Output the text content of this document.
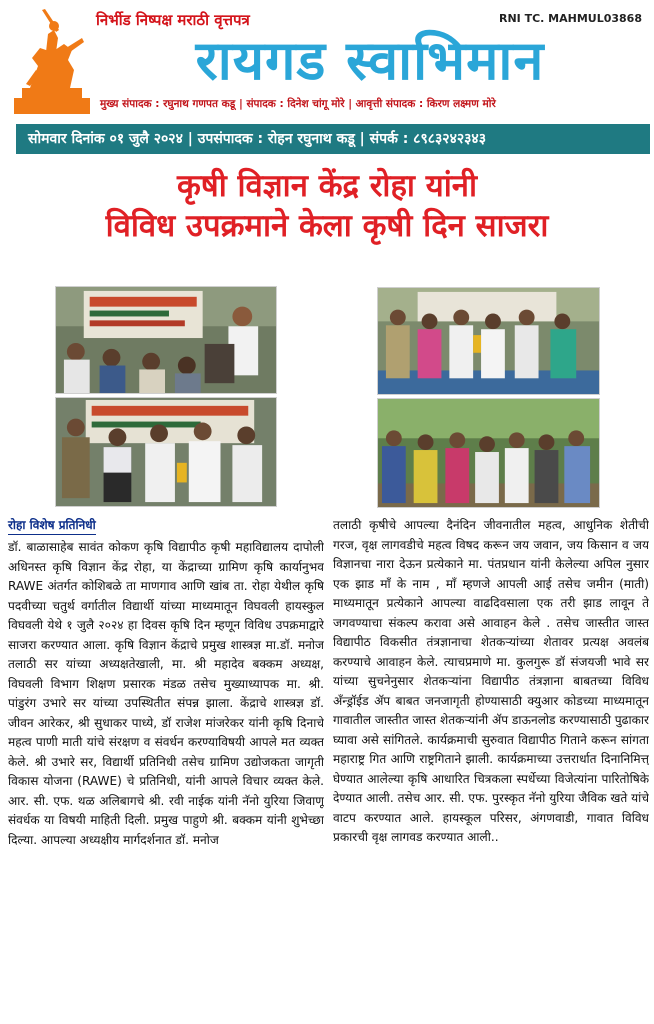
निर्भीड निष्पक्ष मराठी वृत्तपत्र	RNI TC. MAHMUL03868
रायगड स्वाभिमान
मुख्य संपादक : रघुनाथ गणपत कडू | संपादक : दिनेश चांगू मोरे | आवृत्ती संपादक : किरण लक्ष्मण मोरे
सोमवार दिनांक ०१ जुलै २०२४ | उपसंपादक : रोहन रघुनाथ कडू | संपर्क : ८९८३२४२३४३
कृषी विज्ञान केंद्र रोहा यांनी
विविध उपक्रमाने केला कृषी दिन साजरा
रोहा विशेष प्रतिनिधी
डॉ. बाळासाहेब सावंत कोकण कृषि विद्यापीठ कृषी महाविद्यालय दापोली अधिनस्त कृषि विज्ञान केंद्र रोहा, या केंद्राच्या ग्रामिण कृषि कार्यानुभव RAWE अंतर्गत कोशिबळे ता माणगाव आणि खांब ता. रोहा येथील कृषि पदवीच्या चतुर्थ वर्गातील विद्यार्थी यांच्या माध्यमातून विघवली हायस्कुल विघवली येथे १ जुलै २०२४ हा दिवस कृषि दिन म्हणून विविध उपक्रमाद्वारे साजरा करण्यात आला. कृषि विज्ञान केंद्राचे प्रमुख शास्त्रज्ञ मा.डॉ. मनोज तलाठी सर यांच्या अध्यक्षतेखाली, मा. श्री महादेव बक्कम अध्यक्ष, विघवली विभाग शिक्षण प्रसारक मंडळ तसेच मुख्याध्यापक मा. श्री. पांडुरंग उभारे सर यांच्या उपस्थितीत संपन्न झाला. केंद्राचे शास्त्रज्ञ डॉ. जीवन आरेकर, श्री सुधाकर पाध्ये, डॉ राजेश मांजरेकर यांनी कृषि दिनाचे महत्व पाणी माती यांचे संरक्षण व संवर्धन करण्याविषयी आपले मत व्यक्त केले. श्री उभारे सर, विद्यार्थी प्रतिनिधी तसेच ग्रामिण उद्योजकता जागृती विकास योजना (RAWE) चे प्रतिनिधी, यांनी आपले विचार व्यक्त केले. आर. सी. एफ. थळ अलिबागचे श्री. रवी नाईक यांनी नॅनो युरिया जिवाणू संवर्धक या विषयी माहिती दिली. प्रमुख पाहुणे श्री. बक्कम यांनी शुभेच्छा दिल्या. आपल्या अध्यक्षीय मार्गदर्शनात डॉ. मनोज
तलाठी कृषीचे आपल्या दैनंदिन जीवनातील महत्व, आधुनिक शेतीची गरज, वृक्ष लागवडीचे महत्व विषद करून जय जवान, जय किसान व जय विज्ञानचा नारा देऊन प्रत्येकाने मा. पंतप्रधान यांनी केलेल्या अपिल नुसार एक झाड माँ के नाम , माँ म्हणजे आपली आई तसेच जमीन (माती) माध्यमातून प्रत्येकाने आपल्या वाढदिवसाला एक तरी झाड लावून ते जगवण्याचा संकल्प करावा असे आवाहन केले . तसेच जास्तीत जास्त विद्यापीठ विकसीत तंत्रज्ञानाचा शेतकऱ्यांच्या शेतावर प्रत्यक्ष अवलंब करण्याचे आवाहन केले. त्याचप्रमाणे मा. कुलगुरू डॉ संजयजी भावे सर यांच्या सुचनेनुसार शेतकऱ्यांना विद्यापीठ तंत्रज्ञाना बाबतच्या विविध अँन्ड्रॉईड ॲप बाबत जनजागृती होण्यासाठी क्युआर कोडच्या माध्यमातून गावातील जास्तीत जास्त शेतकऱ्यांनी ॲप डाऊनलोड करण्यासाठी पुढाकार घ्यावा असे सांगितले. कार्यक्रमाची सुरुवात विद्यापीठ गिताने करून सांगता महाराष्ट्र गित आणि राष्ट्रगिताने झाली. कार्यक्रमाच्या उत्तरार्धात दिनानिमित्त् घेण्यात आलेल्या कृषि आधारित चित्रकला स्पर्धेच्या विजेत्यांना पारितोषिके देण्यात आली. तसेच आर. सी. एफ. पुरस्कृत नॅनो युरिया जैविक खते यांचे वाटप करण्यात आले. हायस्कूल परिसर, अंगणवाडी, गावात विविध प्रकारची वृक्ष लागवड करण्यात आली..
